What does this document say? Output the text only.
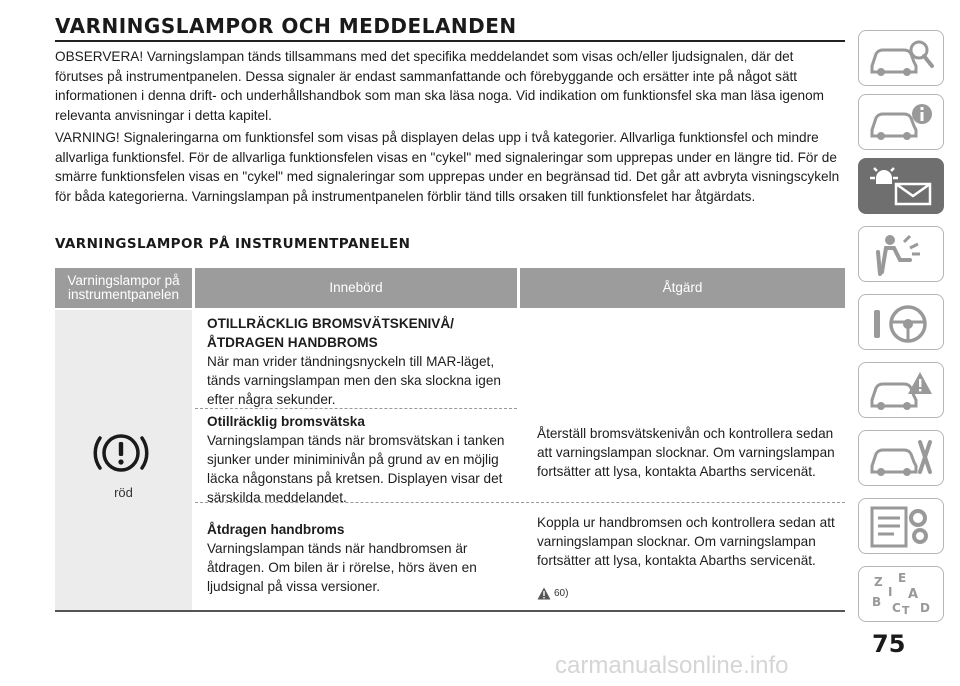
VARNINGSLAMPOR OCH MEDDELANDEN

OBSERVERA! Varningslampan tänds tillsammans med det specifika meddelandet som visas och/eller ljudsignalen, där det förutses på instrumentpanelen. Dessa signaler är endast sammanfattande och förebyggande och ersätter inte på något sätt informationen i denna drift- och underhållshandbok som man ska läsa noga. Vid indikation om funktionsfel ska man läsa igenom relevanta anvisningar i detta kapitel.

VARNING! Signaleringarna om funktionsfel som visas på displayen delas upp i två kategorier. Allvarliga funktionsfel och mindre allvarliga funktionsfel. För de allvarliga funktionsfelen visas en "cykel" med signaleringar som upprepas under en längre tid. För de smärre funktionsfelen visas en "cykel" med signaleringar som upprepas under en begränsad tid. Det går att avbryta visningscykeln för båda kategorierna. Varningslampan på instrumentpanelen förblir tänd tills orsaken till funktionsfelet har åtgärdats.

VARNINGSLAMPOR PÅ INSTRUMENTPANELEN
Varningslampor på instrumentpanelen	Innebörd	Åtgärd
röd
OTILLRÄCKLIG BROMSVÄTSKENIVÅ/ ÅTDRAGEN HANDBROMS
När man vrider tändningsnyckeln till MAR-läget, tänds varningslampan men den ska slockna igen efter några sekunder.
Otillräcklig bromsvätska
Varningslampan tänds när bromsvätskan i tanken sjunker under miniminivån på grund av en möjlig läcka någonstans på kretsen. Displayen visar det särskilda meddelandet.
Återställ bromsvätskenivån och kontrollera sedan att varningslampan slocknar. Om varningslampan fortsätter att lysa, kontakta Abarths servicenät.
Åtdragen handbroms
Varningslampan tänds när handbromsen är åtdragen. Om bilen är i rörelse, hörs även en ljudsignal på vissa versioner.
Koppla ur handbromsen och kontrollera sedan att varningslampan slocknar. Om varningslampan fortsätter att lysa, kontakta Abarths servicenät.
60)
Z E
I A
B C T D

75

carmanualsonline.info
